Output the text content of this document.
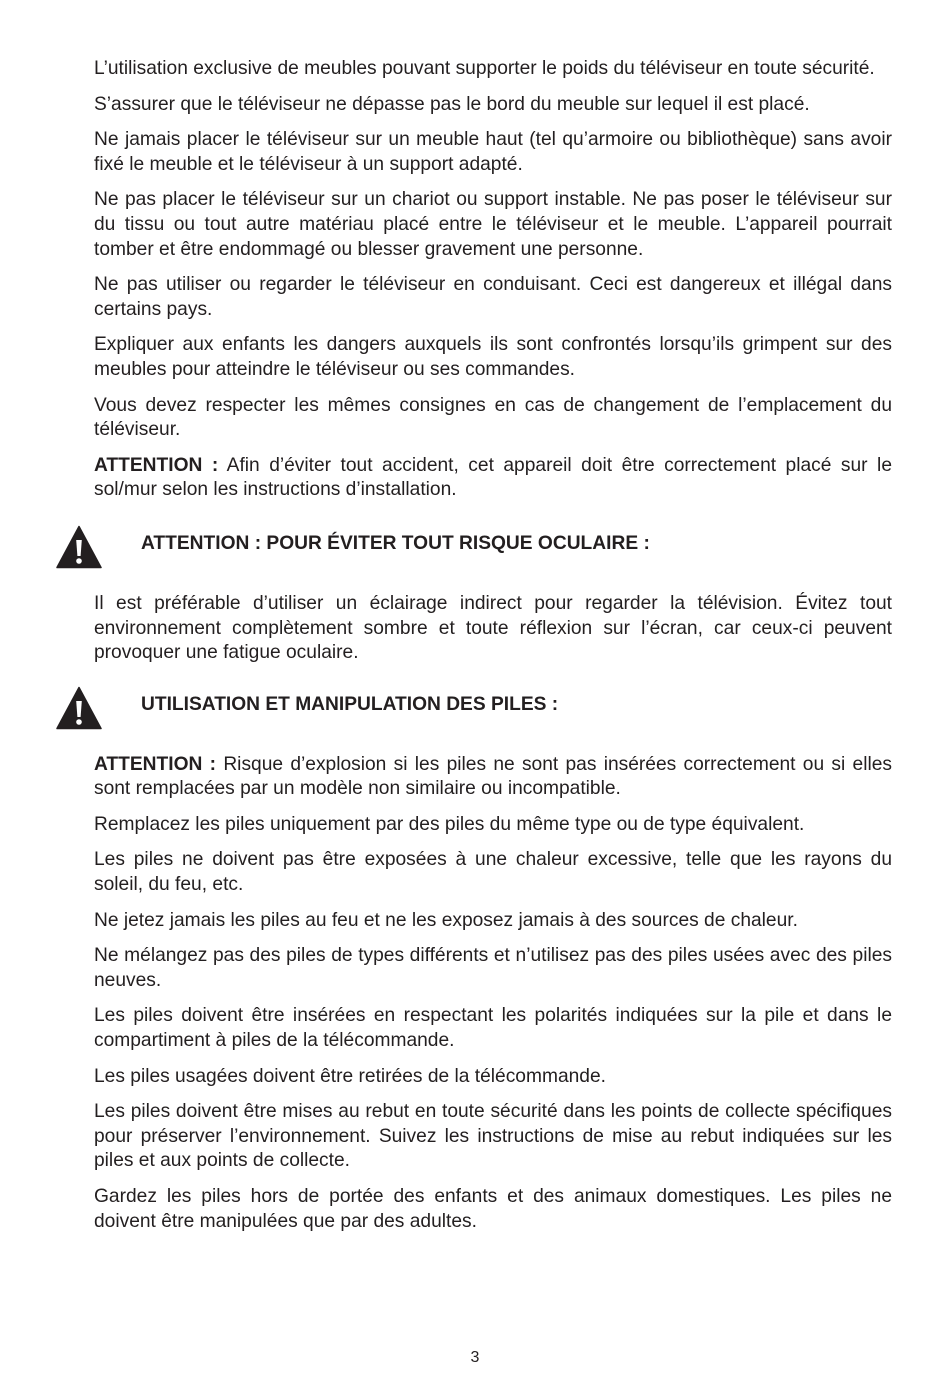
L’utilisation exclusive de meubles pouvant supporter le poids du téléviseur en toute sécurité.

S’assurer que le téléviseur ne dépasse pas le bord du meuble sur lequel il est placé.

Ne jamais placer le téléviseur sur un meuble haut (tel qu’armoire ou bibliothèque) sans avoir fixé le meuble et le téléviseur à un support adapté.

Ne pas placer le téléviseur sur un chariot ou support instable. Ne pas poser le téléviseur sur du tissu ou tout autre matériau placé entre le téléviseur et le meuble. L’appareil pourrait tomber et être endommagé ou blesser gravement une personne.

Ne pas utiliser ou regarder le téléviseur en conduisant. Ceci est dangereux et illégal dans certains pays.

Expliquer aux enfants les dangers auxquels ils sont confrontés lorsqu’ils grimpent sur des meubles pour atteindre le téléviseur ou ses commandes.

Vous devez respecter les mêmes consignes en cas de changement de l’emplacement du téléviseur.

ATTENTION : Afin d’éviter tout accident, cet appareil doit être correctement placé sur le sol/mur selon les instructions d’installation.

ATTENTION : POUR ÉVITER TOUT RISQUE OCULAIRE :

Il est préférable d’utiliser un éclairage indirect pour regarder la télévision. Évitez tout environnement complètement sombre et toute réflexion sur l’écran, car ceux-ci peuvent provoquer une fatigue oculaire.

UTILISATION ET MANIPULATION DES PILES :

ATTENTION : Risque d’explosion si les piles ne sont pas insérées correctement ou si elles sont remplacées par un modèle non similaire ou incompatible.

Remplacez les piles uniquement par des piles du même type ou de type équivalent.

Les piles ne doivent pas être exposées à une chaleur excessive, telle que les rayons du soleil, du feu, etc.

Ne jetez jamais les piles au feu et ne les exposez jamais à des sources de chaleur.

Ne mélangez pas des piles de types différents et n’utilisez pas des piles usées avec des piles neuves.

Les piles doivent être insérées en respectant les polarités indiquées sur la pile et dans le compartiment à piles de la télécommande.

Les piles usagées doivent être retirées de la télécommande.

Les piles doivent être mises au rebut en toute sécurité dans les points de collecte spécifiques pour préserver l’environnement. Suivez les instructions de mise au rebut indiquées sur les piles et aux points de collecte.

Gardez les piles hors de portée des enfants et des animaux domestiques. Les piles ne doivent être manipulées que par des adultes.

3
